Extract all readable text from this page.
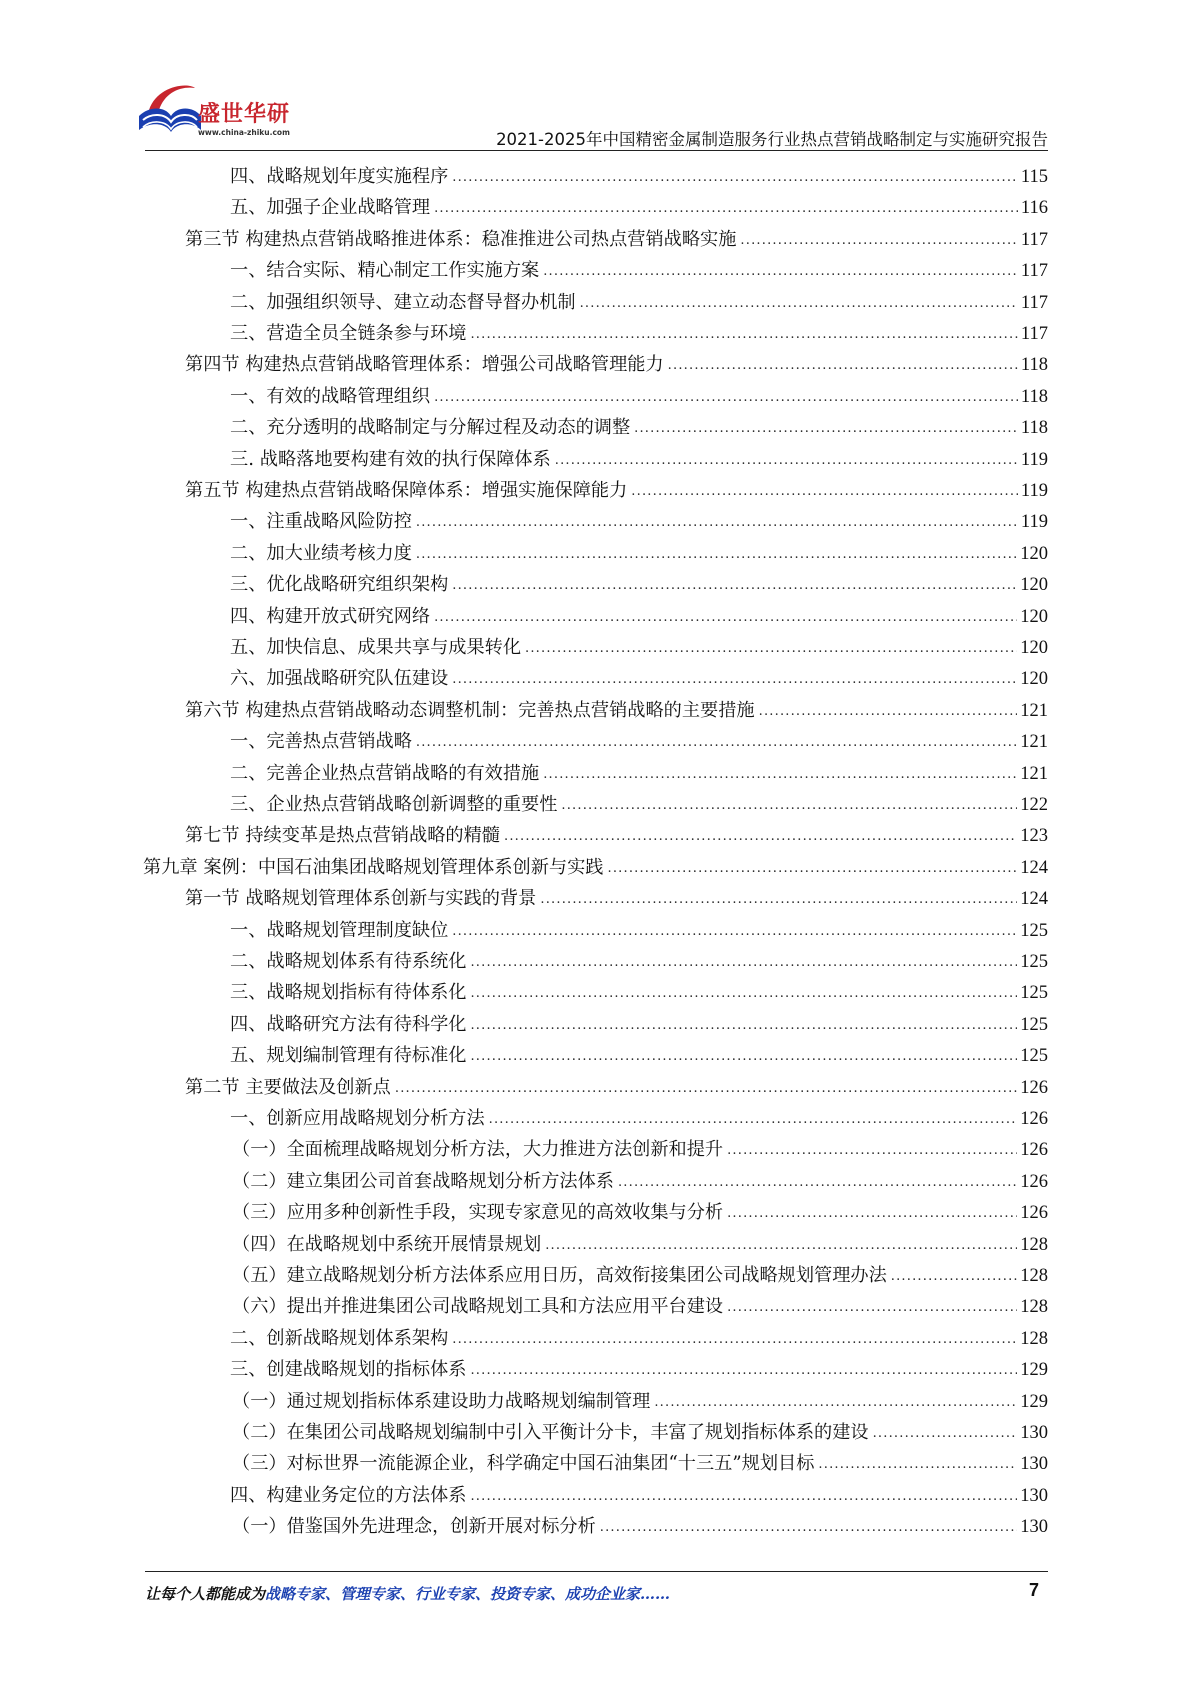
盛世华研
www.china-zhiku.com	2021-2025年中国精密金属制造服务行业热点营销战略制定与实施研究报告
四、战略规划年度实施程序 .....	115
五、加强子企业战略管理 .....	116
第三节 构建热点营销战略推进体系：稳准推进公司热点营销战略实施 .....	117
一、结合实际、精心制定工作实施方案 .....	117
二、加强组织领导、建立动态督导督办机制 .....	117
三、营造全员全链条参与环境 .....	117
第四节 构建热点营销战略管理体系：增强公司战略管理能力 .....	118
一、有效的战略管理组织 .....	118
二、充分透明的战略制定与分解过程及动态的调整 .....	118
三. 战略落地要构建有效的执行保障体系 .....	119
第五节 构建热点营销战略保障体系：增强实施保障能力 .....	119
一、注重战略风险防控 .....	119
二、加大业绩考核力度 .....	120
三、优化战略研究组织架构 .....	120
四、构建开放式研究网络 .....	120
五、加快信息、成果共享与成果转化 .....	120
六、加强战略研究队伍建设 .....	120
第六节 构建热点营销战略动态调整机制：完善热点营销战略的主要措施 .....	121
一、完善热点营销战略 .....	121
二、完善企业热点营销战略的有效措施 .....	121
三、企业热点营销战略创新调整的重要性 .....	122
第七节 持续变革是热点营销战略的精髓 .....	123
第九章 案例：中国石油集团战略规划管理体系创新与实践 .....	124
第一节 战略规划管理体系创新与实践的背景 .....	124
一、战略规划管理制度缺位 .....	125
二、战略规划体系有待系统化 .....	125
三、战略规划指标有待体系化 .....	125
四、战略研究方法有待科学化 .....	125
五、规划编制管理有待标准化 .....	125
第二节 主要做法及创新点 .....	126
一、创新应用战略规划分析方法 .....	126
（一）全面梳理战略规划分析方法，大力推进方法创新和提升 .....	126
（二）建立集团公司首套战略规划分析方法体系 .....	126
（三）应用多种创新性手段，实现专家意见的高效收集与分析 .....	126
（四）在战略规划中系统开展情景规划 .....	128
（五）建立战略规划分析方法体系应用日历，高效衔接集团公司战略规划管理办法 .....	128
（六）提出并推进集团公司战略规划工具和方法应用平台建设 .....	128
二、创新战略规划体系架构 .....	128
三、创建战略规划的指标体系 .....	129
（一）通过规划指标体系建设助力战略规划编制管理 .....	129
（二）在集团公司战略规划编制中引入平衡计分卡，丰富了规划指标体系的建设 .....	130
（三）对标世界一流能源企业，科学确定中国石油集团“十三五”规划目标 .....	130
四、构建业务定位的方法体系 .....	130
（一）借鉴国外先进理念，创新开展对标分析 .....	130
让每个人都能成为战略专家、管理专家、行业专家、投资专家、成功企业家……	7
